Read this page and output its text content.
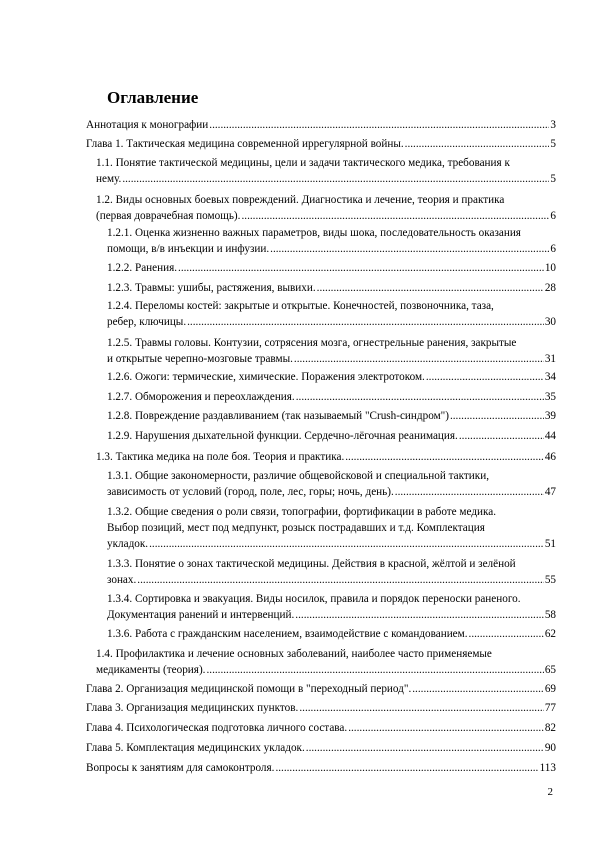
Оглавление
Аннотация к монографии .....	3
Глава 1. Тактическая медицина современной иррегулярной войны. .....	5
1.1. Понятие тактической медицины, цели и задачи тактического медика, требования к
нему. .....	5
1.2. Виды основных боевых повреждений. Диагностика и лечение, теория и практика
(первая доврачебная помощь). .....	6
1.2.1. Оценка жизненно важных параметров, виды шока, последовательность оказания
помощи, в/в инъекции и инфузии. .....	6
1.2.2. Ранения. .....	10
1.2.3. Травмы: ушибы, растяжения, вывихи. .....	28
1.2.4. Переломы костей: закрытые и открытые. Конечностей, позвоночника, таза,
ребер, ключицы. .....	30
1.2.5. Травмы головы. Контузии, сотрясения мозга, огнестрельные ранения, закрытые
и открытые черепно-мозговые травмы. .....	31
1.2.6. Ожоги: термические, химические. Поражения электротоком. .....	34
1.2.7. Обморожения и переохлаждения. .....	35
1.2.8. Повреждение раздавливанием (так называемый "Crush-синдром") .....	39
1.2.9. Нарушения дыхательной функции. Сердечно-лёгочная реанимация. .....	44
1.3. Тактика медика на поле боя. Теория и практика. .....	46
1.3.1. Общие закономерности, различие общевойсковой и специальной тактики,
зависимость от условий (город, поле, лес, горы; ночь, день). .....	47
1.3.2. Общие сведения о роли связи, топографии, фортификации в работе медика.
Выбор позиций, мест под медпункт, розыск пострадавших и т.д. Комплектация
укладок. .....	51
1.3.3. Понятие о зонах тактической медицины. Действия в красной, жёлтой и зелёной
зонах. .....	55
1.3.4. Сортировка и эвакуация. Виды носилок, правила и порядок переноски раненого.
Документация ранений и интервенций. .....	58
1.3.6. Работа с гражданским населением, взаимодействие с командованием. .....	62
1.4. Профилактика и лечение основных заболеваний, наиболее часто применяемые
медикаменты (теория). .....	65
Глава 2. Организация медицинской помощи в "переходный период". .....	69
Глава 3. Организация медицинских пунктов. .....	77
Глава 4. Психологическая подготовка личного состава. .....	82
Глава 5. Комплектация медицинских укладок. .....	90
Вопросы к занятиям для самоконтроля. .....	113
2
